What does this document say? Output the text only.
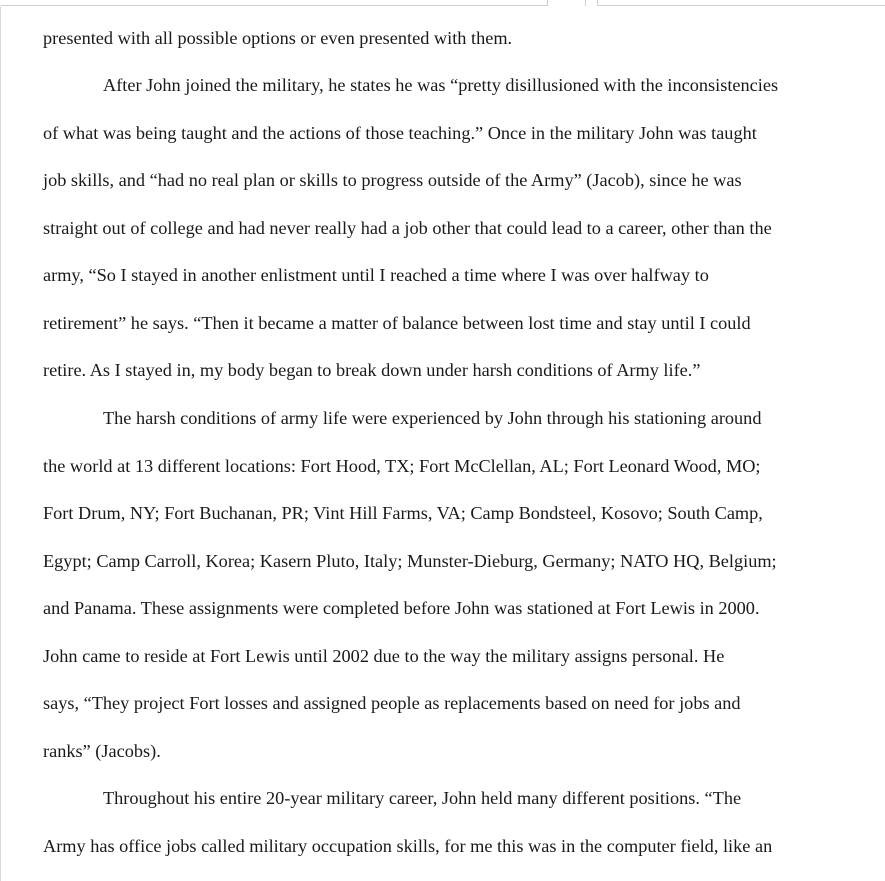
presented with all possible options or even presented with them.
After John joined the military, he states he was “pretty disillusioned with the inconsistencies
of what was being taught and the actions of those teaching.” Once in the military John was taught
job skills, and “had no real plan or skills to progress outside of the Army” (Jacob), since he was
straight out of college and had never really had a job other that could lead to a career, other than the
army, “So I stayed in another enlistment until I reached a time where I was over halfway to
retirement” he says. “Then it became a matter of balance between lost time and stay until I could
retire. As I stayed in, my body began to break down under harsh conditions of Army life.”
The harsh conditions of army life were experienced by John through his stationing around
the world at 13 different locations: Fort Hood, TX; Fort McClellan, AL; Fort Leonard Wood, MO;
Fort Drum, NY; Fort Buchanan, PR; Vint Hill Farms, VA; Camp Bondsteel, Kosovo; South Camp,
Egypt; Camp Carroll, Korea; Kasern Pluto, Italy; Munster-Dieburg, Germany; NATO HQ, Belgium;
and Panama. These assignments were completed before John was stationed at Fort Lewis in 2000.
John came to reside at Fort Lewis until 2002 due to the way the military assigns personal. He
says, “They project Fort losses and assigned people as replacements based on need for jobs and
ranks” (Jacobs).
Throughout his entire 20-year military career, John held many different positions. “The
Army has office jobs called military occupation skills, for me this was in the computer field, like an
